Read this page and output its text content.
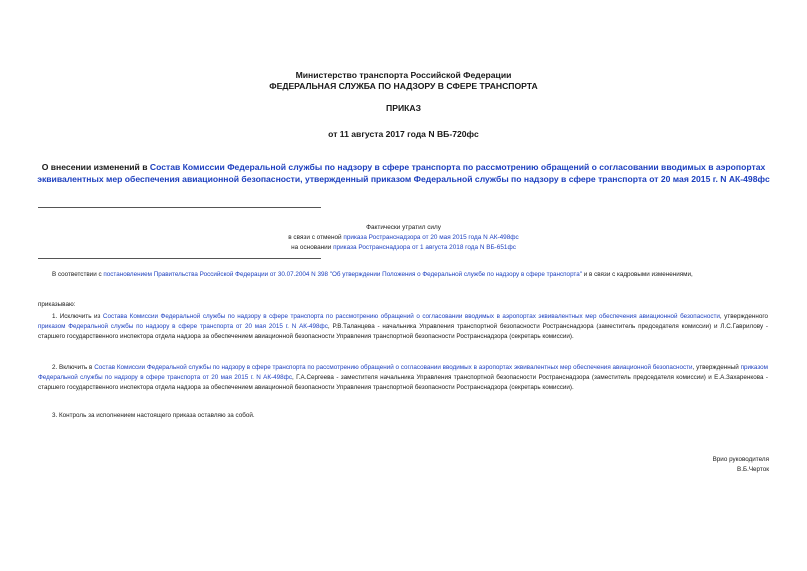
Министерство транспорта Российской Федерации
ФЕДЕРАЛЬНАЯ СЛУЖБА ПО НАДЗОРУ В СФЕРЕ ТРАНСПОРТА
ПРИКАЗ
от 11 августа 2017 года N ВБ-720фс
О внесении изменений в Состав Комиссии Федеральной службы по надзору в сфере транспорта по рассмотрению обращений о согласовании вводимых в аэропортах эквивалентных мер обеспечения авиационной безопасности, утвержденный приказом Федеральной службы по надзору в сфере транспорта от 20 мая 2015 г. N АК-498фс
Фактически утратил силу
в связи с отменой приказа Ространснадзора от 20 мая 2015 года N АК-498фс
на основании приказа Ространснадзора от 1 августа 2018 года N ВБ-651фс
В соответствии с постановлением Правительства Российской Федерации от 30.07.2004 N 398 "Об утверждении Положения о Федеральной службе по надзору в сфере транспорта" и в связи с кадровыми изменениями,
приказываю:
1. Исключить из Состава Комиссии Федеральной службы по надзору в сфере транспорта по рассмотрению обращений о согласовании вводимых в аэропортах эквивалентных мер обеспечения авиационной безопасности, утвержденного приказом Федеральной службы по надзору в сфере транспорта от 20 мая 2015 г. N АК-498фс, Р.В.Таланцева - начальника Управления транспортной безопасности Ространснадзора (заместитель председателя комиссии) и Л.С.Гаврилову - старшего государственного инспектора отдела надзора за обеспечением авиационной безопасности Управления транспортной безопасности Ространснадзора (секретарь комиссии).
2. Включить в Состав Комиссии Федеральной службы по надзору в сфере транспорта по рассмотрению обращений о согласовании вводимых в аэропортах эквивалентных мер обеспечения авиационной безопасности, утвержденный приказом Федеральной службы по надзору в сфере транспорта от 20 мая 2015 г. N АК-498фс, Г.А.Сергеева - заместителя начальника Управления транспортной безопасности Ространснадзора (заместитель председателя комиссии) и Е.А.Захаренкова - старшего государственного инспектора отдела надзора за обеспечением авиационной безопасности Управления транспортной безопасности Ространснадзора (секретарь комиссии).
3. Контроль за исполнением настоящего приказа оставляю за собой.
Врио руководителя
В.Б.Черток
